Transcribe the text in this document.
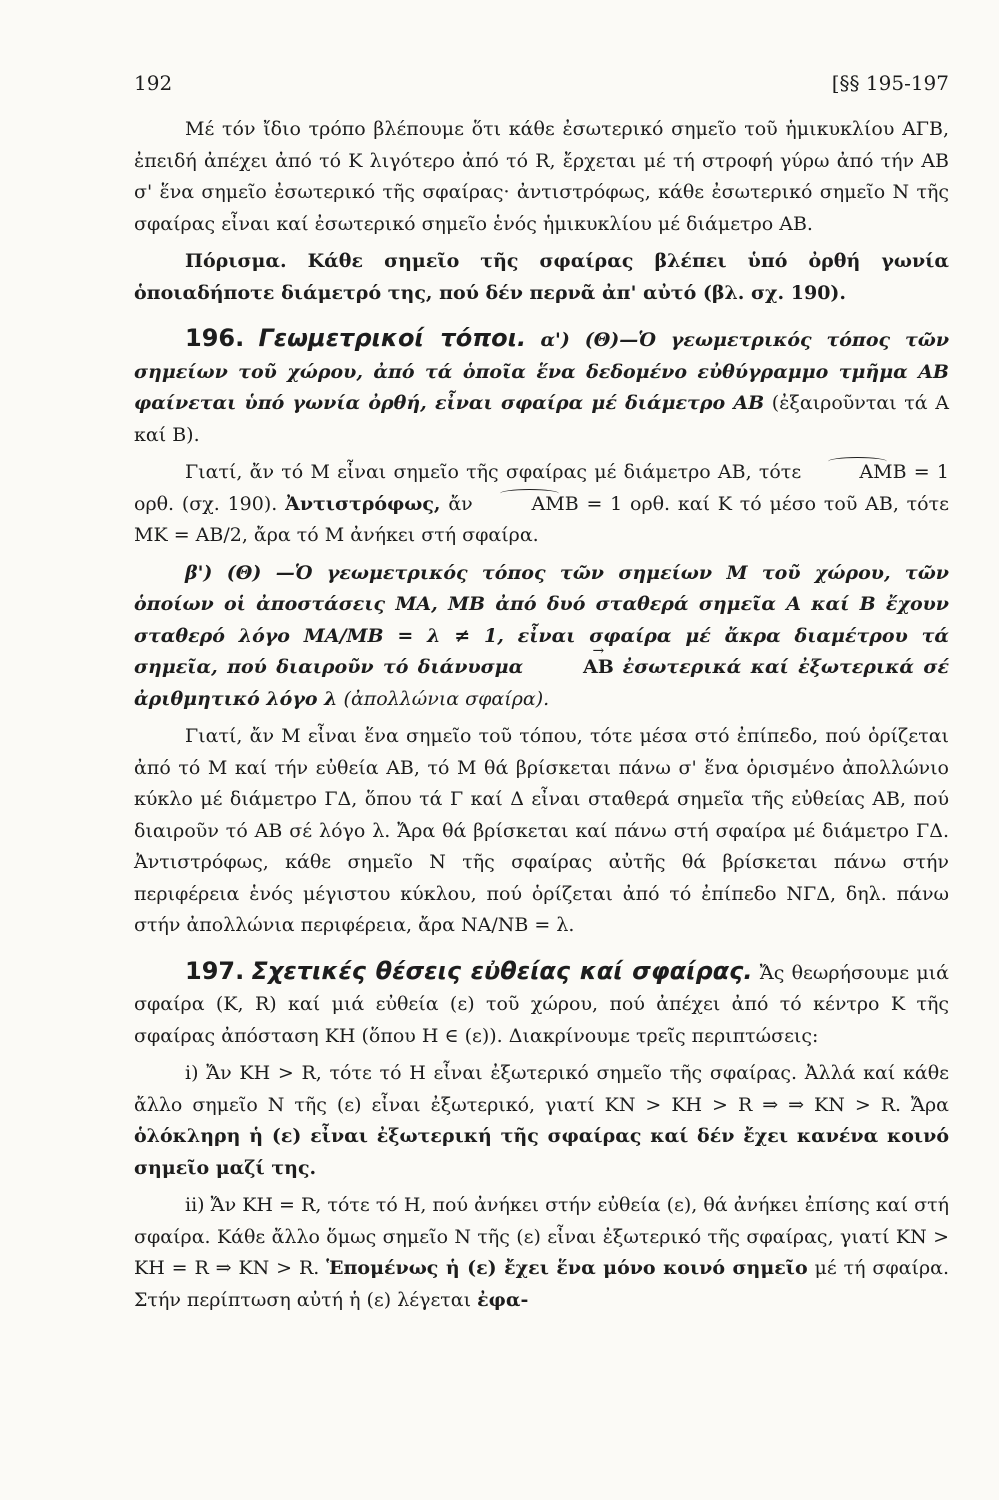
192	[§§ 195-197

Μέ τόν ἴδιο τρόπο βλέπουμε ὅτι κάθε ἐσωτερικό σημεῖο τοῦ ἡμικυκλίου ΑΓΒ, ἐπειδή ἀπέχει ἀπό τό Κ λιγότερο ἀπό τό R, ἔρχεται μέ τή στροφή γύρω ἀπό τήν ΑΒ σ' ἕνα σημεῖο ἐσωτερικό τῆς σφαίρας· ἀντιστρόφως, κάθε ἐσωτερικό σημεῖο Ν τῆς σφαίρας εἶναι καί ἐσωτερικό σημεῖο ἑνός ἡμικυκλίου μέ διάμετρο ΑΒ.

Πόρισμα. Κάθε σημεῖο τῆς σφαίρας βλέπει ὑπό ὀρθή γωνία ὁποιαδήποτε διάμετρό της, πού δέν περνᾶ ἀπ' αὐτό (βλ. σχ. 190).

196. Γεωμετρικοί τόποι. α') (Θ)—Ὁ γεωμετρικός τόπος τῶν σημείων τοῦ χώρου, ἀπό τά ὁποῖα ἕνα δεδομένο εὐθύγραμμο τμῆμα ΑΒ φαίνεται ὑπό γωνία ὀρθή, εἶναι σφαίρα μέ διάμετρο ΑΒ (ἐξαιροῦνται τά Α καί Β).

Γιατί, ἄν τό Μ εἶναι σημεῖο τῆς σφαίρας μέ διάμετρο ΑΒ, τότε	ΑΜΒ = 1 ορθ. (σχ. 190). Ἀντιστρόφως, ἄν	ΑΜΒ = 1 ορθ. καί Κ τό μέσο τοῦ ΑΒ, τότε ΜΚ = ΑΒ/2, ἄρα τό Μ ἀνήκει στή σφαίρα.

β') (Θ) —Ὁ γεωμετρικός τόπος τῶν σημείων Μ τοῦ χώρου, τῶν ὁποίων οἱ ἀποστάσεις ΜΑ, ΜΒ ἀπό δυό σταθερά σημεῖα Α καί Β ἔχουν σταθερό λόγο ΜΑ/ΜΒ = λ ≠ 1, εἶναι σφαίρα μέ ἄκρα διαμέτρου τά σημεῖα, πού διαιροῦν τό διάνυσμα →	ΑΒ ἐσωτερικά καί ἐξωτερικά σέ ἀριθμητικό λόγο λ (ἀπολλώνια σφαίρα).

Γιατί, ἄν Μ εἶναι ἕνα σημεῖο τοῦ τόπου, τότε μέσα στό ἐπίπεδο, πού ὁρίζεται ἀπό τό Μ καί τήν εὐθεία ΑΒ, τό Μ θά βρίσκεται πάνω σ' ἕνα ὁρισμένο ἀπολλώνιο κύκλο μέ διάμετρο ΓΔ, ὅπου τά Γ καί Δ εἶναι σταθερά σημεῖα τῆς εὐθείας ΑΒ, πού διαιροῦν τό ΑΒ σέ λόγο λ. Ἄρα θά βρίσκεται καί πάνω στή σφαίρα μέ διάμετρο ΓΔ. Ἀντιστρόφως, κάθε σημεῖο Ν τῆς σφαίρας αὐτῆς θά βρίσκεται πάνω στήν περιφέρεια ἑνός μέγιστου κύκλου, πού ὁρίζεται ἀπό τό ἐπίπεδο ΝΓΔ, δηλ. πάνω στήν ἀπολλώνια περιφέρεια, ἄρα ΝΑ/ΝΒ = λ.

197. Σχετικές θέσεις εὐθείας καί σφαίρας. Ἄς θεωρήσουμε μιά σφαίρα (Κ, R) καί μιά εὐθεία (ε) τοῦ χώρου, πού ἀπέχει ἀπό τό κέντρο Κ τῆς σφαίρας ἀπόσταση ΚΗ (ὅπου Η ∈ (ε)). Διακρίνουμε τρεῖς περιπτώσεις:

i) Ἄν ΚΗ > R, τότε τό Η εἶναι ἐξωτερικό σημεῖο τῆς σφαίρας. Ἀλλά καί κάθε ἄλλο σημεῖο Ν τῆς (ε) εἶναι ἐξωτερικό, γιατί ΚΝ > ΚΗ > R ⇒ ⇒ ΚΝ > R. Ἄρα ὁλόκληρη ἡ (ε) εἶναι ἐξωτερική τῆς σφαίρας καί δέν ἔχει κανένα κοινό σημεῖο μαζί της.

ii) Ἄν ΚΗ = R, τότε τό Η, πού ἀνήκει στήν εὐθεία (ε), θά ἀνήκει ἐπίσης καί στή σφαίρα. Κάθε ἄλλο ὅμως σημεῖο Ν τῆς (ε) εἶναι ἐξωτερικό τῆς σφαίρας, γιατί ΚΝ > ΚΗ = R ⇒ ΚΝ > R. Ἑπομένως ἡ (ε) ἔχει ἕνα μόνο κοινό σημεῖο μέ τή σφαίρα. Στήν περίπτωση αὐτή ἡ (ε) λέγεται ἐφα-
